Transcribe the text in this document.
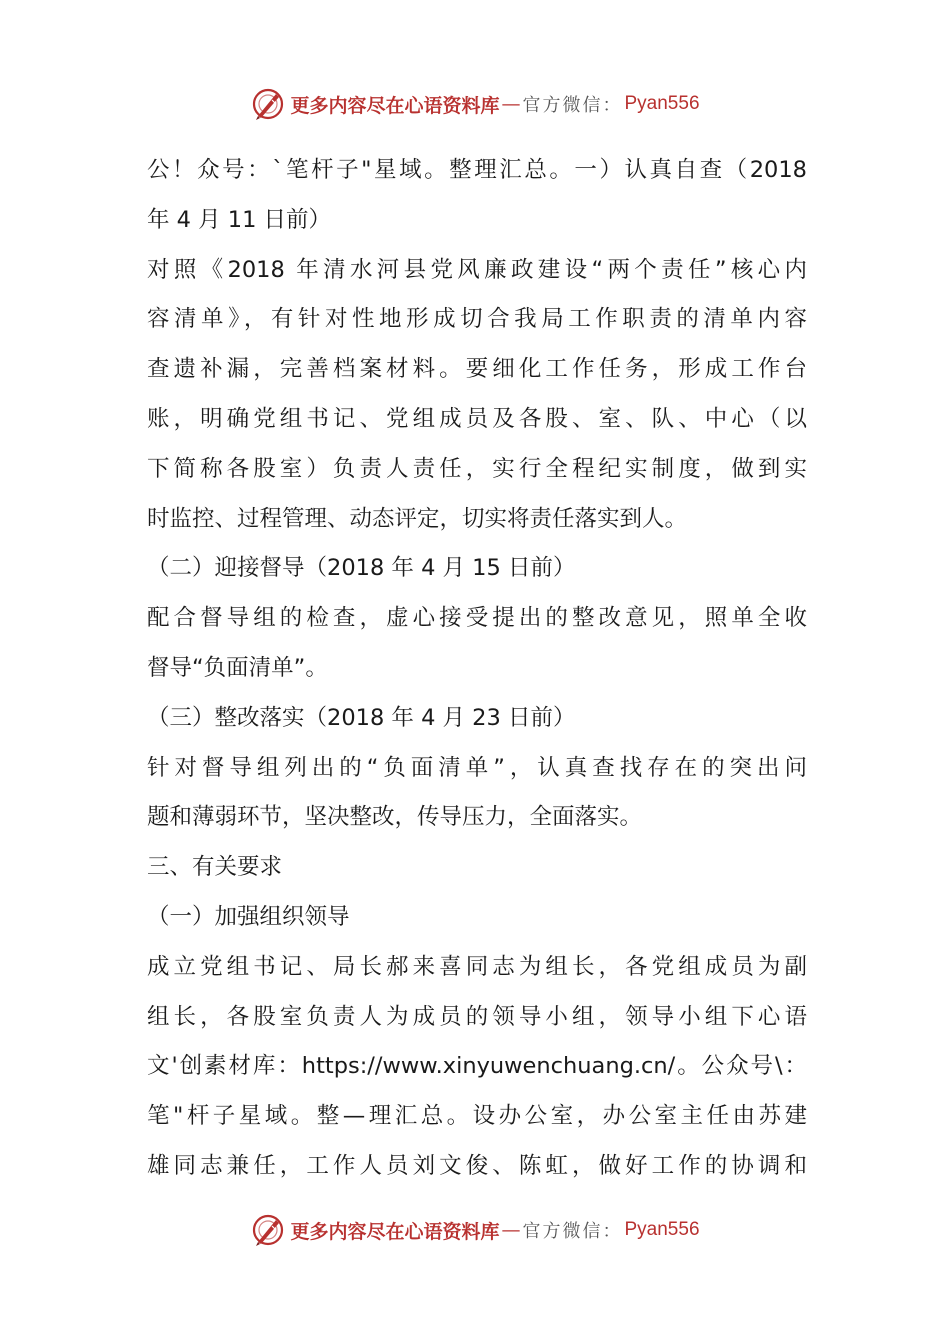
更多内容尽在心语资料库 — 官方微信： Pyan556
公！众号：`笔杆子"星域。整理汇总。一）认真自查（2018
年 4 月 11 日前）
对照《2018 年清水河县党风廉政建设“两个责任”核心内
容清单》，有针对性地形成切合我局工作职责的清单内容
查遗补漏，完善档案材料。要细化工作任务，形成工作台
账，明确党组书记、党组成员及各股、室、队、中心（以
下简称各股室）负责人责任，实行全程纪实制度，做到实
时监控、过程管理、动态评定，切实将责任落实到人。
（二）迎接督导（2018 年 4 月 15 日前）
配合督导组的检查，虚心接受提出的整改意见，照单全收
督导“负面清单”。
（三）整改落实（2018 年 4 月 23 日前）
针对督导组列出的“负面清单”，认真查找存在的突出问
题和薄弱环节，坚决整改，传导压力，全面落实。
三、有关要求
（一）加强组织领导
成立党组书记、局长郝来喜同志为组长，各党组成员为副
组长，各股室负责人为成员的领导小组，领导小组下心语
文'创素材库：https://www.xinyuwenchuang.cn/。公众号\：
笔"杆子星域。整—理汇总。设办公室，办公室主任由苏建
雄同志兼任，工作人员刘文俊、陈虹，做好工作的协调和
更多内容尽在心语资料库 — 官方微信： Pyan556
